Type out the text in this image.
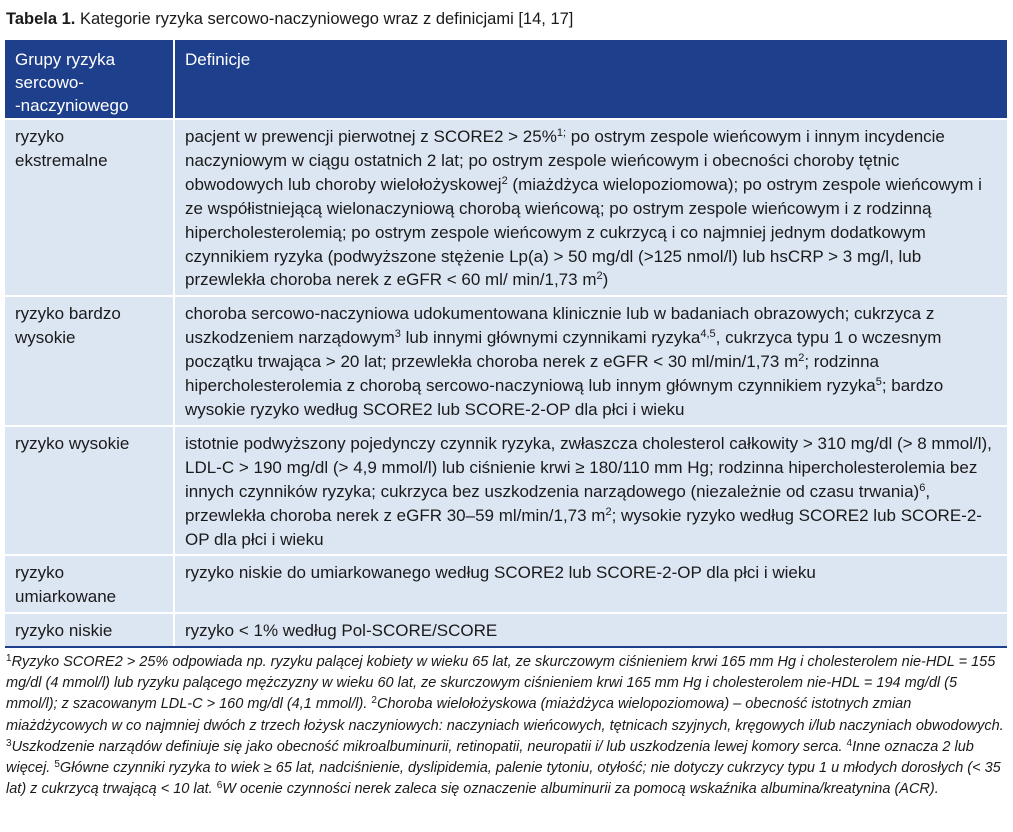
Tabela 1. Kategorie ryzyka sercowo-naczyniowego wraz z definicjami [14, 17]
Grupy ryzyka
sercowo-
-naczyniowego	Definicje
ryzyko
ekstremalne	pacjent w prewencji pierwotnej z SCORE2 > 25%$^{1;}$ po ostrym zespole wieńcowym i innym incydencie naczyniowym w ciągu ostatnich 2 lat; po ostrym zespole wieńcowym i obecności choroby tętnic obwodowych lub choroby wielołożyskowej$^2$ (miażdżyca wielopoziomowa); po ostrym zespole wieńcowym i ze współistniejącą wielonaczyniową chorobą wieńcową; po ostrym zespole wieńcowym i z rodzinną hipercholesterolemią; po ostrym zespole wieńcowym z cukrzycą i co najmniej jednym dodatkowym czynnikiem ryzyka (podwyższone stężenie Lp(a) > 50 mg/dl (>125 nmol/l) lub hsCRP > 3 mg/l, lub przewlekła choroba nerek z eGFR < 60 ml/ min/1,73 $m^2$)
ryzyko bardzo
wysokie	choroba sercowo-naczyniowa udokumentowana klinicznie lub w badaniach obrazowych; cukrzyca z uszkodzeniem narządowym$^3$ lub innymi głównymi czynnikami ryzyka$^{4,5}$, cukrzyca typu 1 o wczesnym początku trwająca > 20 lat; przewlekła choroba nerek z eGFR < 30 ml/min/1,73 $m^2$; rodzinna hipercholesterolemia z chorobą sercowo-naczyniową lub innym głównym czynnikiem ryzyka$^5$; bardzo wysokie ryzyko według SCORE2 lub SCORE-2-OP dla płci i wieku
ryzyko wysokie	istotnie podwyższony pojedynczy czynnik ryzyka, zwłaszcza cholesterol całkowity > 310 mg/dl (> 8 mmol/l), LDL-C > 190 mg/dl (> 4,9 mmol/l) lub ciśnienie krwi ≥ 180/110 mm Hg; rodzinna hipercholesterolemia bez innych czynników ryzyka; cukrzyca bez uszkodzenia narządowego (niezależnie od czasu trwania)$^6$, przewlekła choroba nerek z eGFR 30–59 ml/min/1,73 $m^2$; wysokie ryzyko według SCORE2 lub SCORE-2-OP dla płci i wieku
ryzyko
umiarkowane	ryzyko niskie do umiarkowanego według SCORE2 lub SCORE-2-OP dla płci i wieku
ryzyko niskie	ryzyko < 1% według Pol-SCORE/SCORE
$^1$Ryzyko SCORE2 > 25% odpowiada np. ryzyku palącej kobiety w wieku 65 lat, ze skurczowym ciśnieniem krwi 165 mm Hg i cholesterolem nie-HDL = 155 mg/dl (4 mmol/l) lub ryzyku palącego mężczyzny w wieku 60 lat, ze skurczowym ciśnieniem krwi 165 mm Hg i cholesterolem nie-HDL = 194 mg/dl (5 mmol/l); z szacowanym LDL-C > 160 mg/dl (4,1 mmol/l). $^2$Choroba wielołożyskowa (miażdżyca wielopoziomowa) – obecność istotnych zmian miażdżycowych w co najmniej dwóch z trzech łożysk naczyniowych: naczyniach wieńcowych, tętnicach szyjnych, kręgowych i/lub naczyniach obwodowych. $^3$Uszkodzenie narządów definiuje się jako obecność mikroalbuminurii, retinopatii, neuropatii i/ lub uszkodzenia lewej komory serca. $^4$Inne oznacza 2 lub więcej. $^5$Główne czynniki ryzyka to wiek ≥ 65 lat, nadciśnienie, dyslipidemia, palenie tytoniu, otyłość; nie dotyczy cukrzycy typu 1 u młodych dorosłych (< 35 lat) z cukrzycą trwającą < 10 lat. $^6$W ocenie czynności nerek zaleca się oznaczenie albuminurii za pomocą wskaźnika albumina/kreatynina (ACR).
